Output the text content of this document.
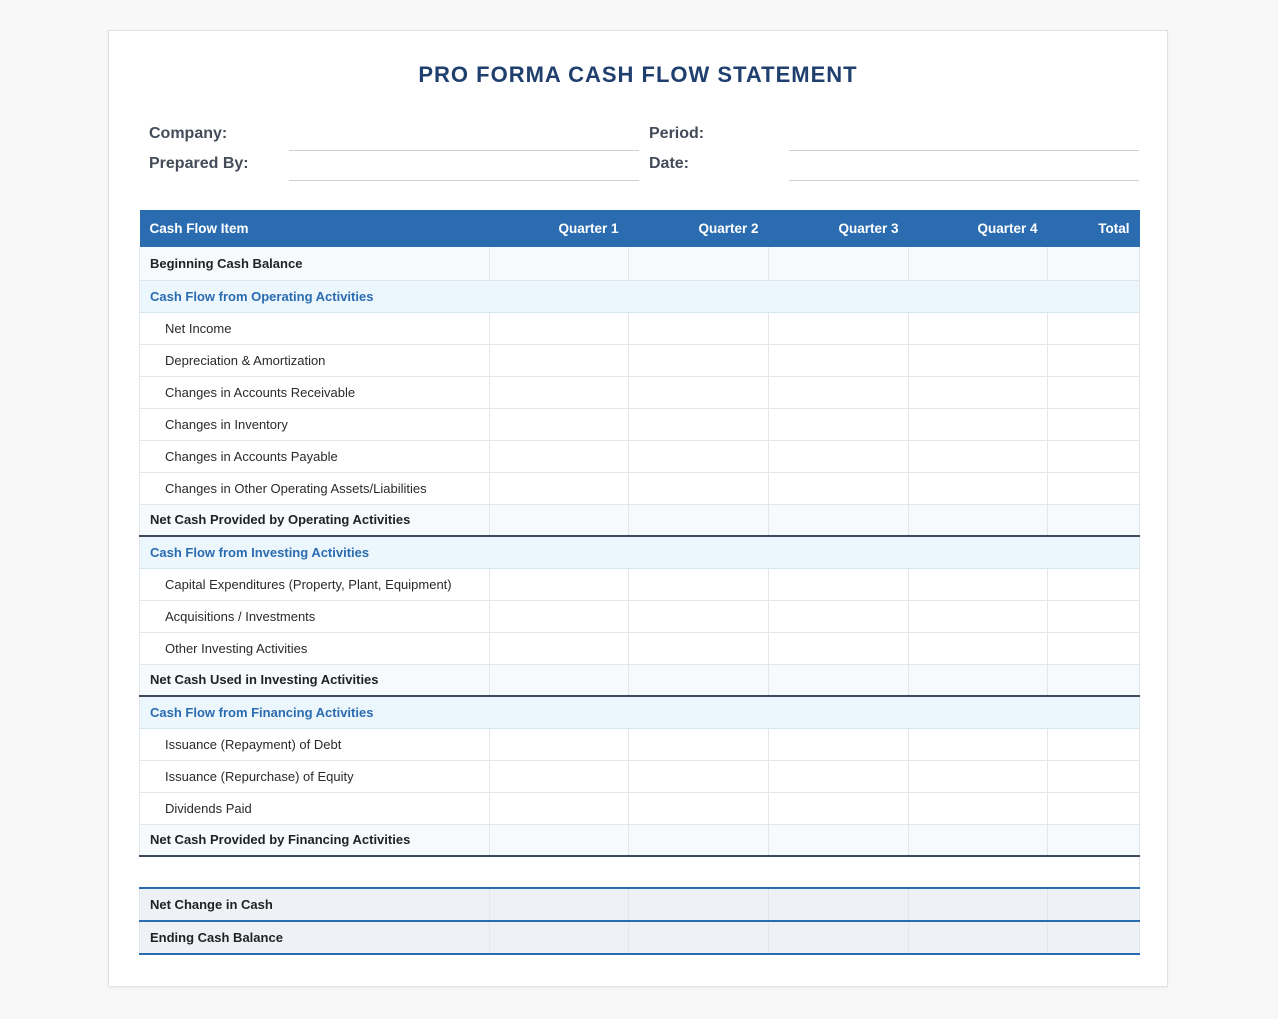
PRO FORMA CASH FLOW STATEMENT
Company:
Prepared By:
Period:
Date:
Cash Flow Item	Quarter 1	Quarter 2	Quarter 3	Quarter 4	Total
Beginning Cash Balance					
Cash Flow from Operating Activities					
Net Income					
Depreciation & Amortization					
Changes in Accounts Receivable					
Changes in Inventory					
Changes in Accounts Payable					
Changes in Other Operating Assets/Liabilities					
Net Cash Provided by Operating Activities					
Cash Flow from Investing Activities					
Capital Expenditures (Property, Plant, Equipment)					
Acquisitions / Investments					
Other Investing Activities					
Net Cash Used in Investing Activities					
Cash Flow from Financing Activities					
Issuance (Repayment) of Debt					
Issuance (Repurchase) of Equity					
Dividends Paid					
Net Cash Provided by Financing Activities					

Net Change in Cash					
Ending Cash Balance					
